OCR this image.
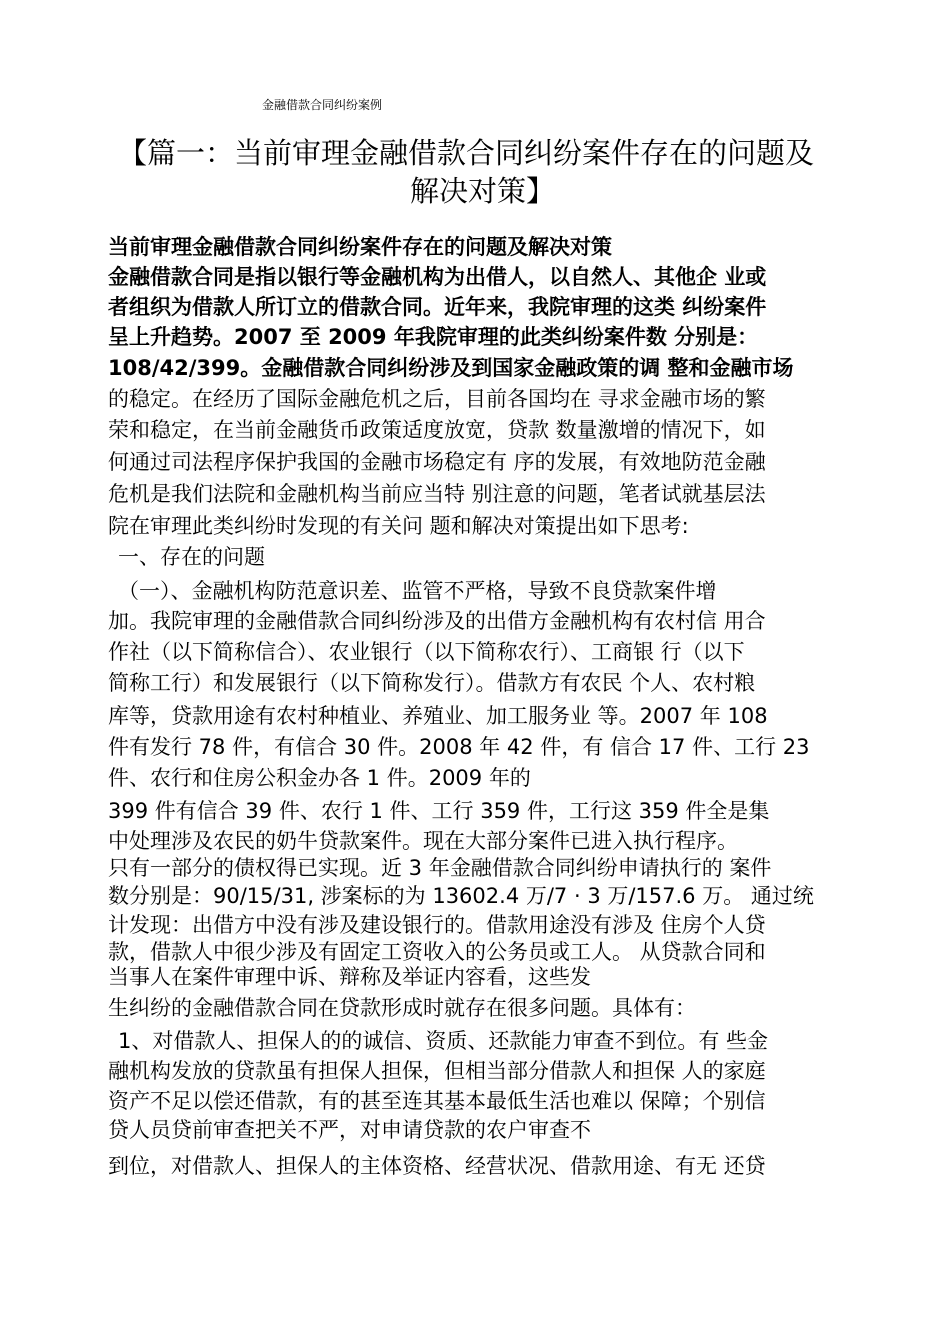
金融借款合同纠纷案例
【篇一：当前审理金融借款合同纠纷案件存在的问题及
解决对策】
当前审理金融借款合同纠纷案件存在的问题及解决对策
金融借款合同是指以银行等金融机构为出借人，以自然人、其他企 业或
者组织为借款人所订立的借款合同。近年来，我院审理的这类 纠纷案件
呈上升趋势。2007 至 2009 年我院审理的此类纠纷案件数 分别是：
108/42/399。金融借款合同纠纷涉及到国家金融政策的调 整和金融市场
的稳定。在经历了国际金融危机之后，目前各国均在 寻求金融市场的繁
荣和稳定，在当前金融货币政策适度放宽，贷款 数量激增的情况下，如
何通过司法程序保护我国的金融市场稳定有 序的发展，有效地防范金融
危机是我们法院和金融机构当前应当特 别注意的问题，笔者试就基层法
院在审理此类纠纷时发现的有关问 题和解决对策提出如下思考:
一、存在的问题
（一）、金融机构防范意识差、监管不严格，导致不良贷款案件增
加。我院审理的金融借款合同纠纷涉及的出借方金融机构有农村信 用合
作社（以下简称信合）、农业银行（以下简称农行）、工商银 行（以下
简称工行）和发展银行（以下简称发行）。借款方有农民 个人、农村粮
库等，贷款用途有农村种植业、养殖业、加工服务业 等。2007 年 108
件有发行 78 件，有信合 30 件。2008 年 42 件，有 信合 17 件、工行 23
件、农行和住房公积金办各 1 件。2009 年的
399 件有信合 39 件、农行 1 件、工行 359 件，工行这 359 件全是集
中处理涉及农民的奶牛贷款案件。现在大部分案件已进入执行程序。
只有一部分的债权得已实现。近 3 年金融借款合同纠纷申请执行的 案件
数分别是：90/15/31, 涉案标的为 13602.4 万/7 · 3 万/157.6 万。 通过统
计发现：出借方中没有涉及建设银行的。借款用途没有涉及 住房个人贷
款，借款人中很少涉及有固定工资收入的公务员或工人。 从贷款合同和
当事人在案件审理中诉、辩称及举证内容看，这些发
生纠纷的金融借款合同在贷款形成时就存在很多问题。具体有：
1、对借款人、担保人的的诚信、资质、还款能力审查不到位。有 些金
融机构发放的贷款虽有担保人担保，但相当部分借款人和担保 人的家庭
资产不足以偿还借款，有的甚至连其基本最低生活也难以 保障；个别信
贷人员贷前审查把关不严，对申请贷款的农户审查不
到位，对借款人、担保人的主体资格、经营状况、借款用途、有无 还贷
